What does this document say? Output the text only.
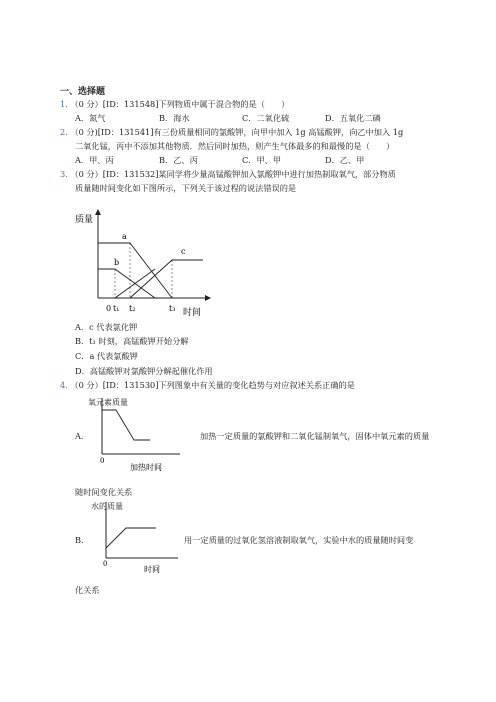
一、选择题
1. （0 分）[ID：131548]下列物质中属于混合物的是（　　）
A．氮气	B．海水	C．二氧化硫	D．五氧化二磷
2. （0 分)[ID：131541]有三份质量相同的氯酸钾，向甲中加入 1g 高锰酸钾，向乙中加入 1g
二氧化锰，丙中不添加其他物质．然后同时加热，则产生气体最多的和最慢的是（　　）
A．甲、丙	B．乙、丙	C．甲、甲	D．乙、甲
3. （0 分）[ID：131532]某同学将少量高锰酸钾加入氯酸钾中进行加热制取氧气，部分物质
质量随时间变化如下图所示，下列关于该过程的说法错误的是
质量
a
b
c
0 t₁ t₂	t₃ 时间
A．c 代表氯化钾
B．t₁ 时刻，高锰酸钾开始分解
C．a 代表氯酸钾
D．高锰酸钾对氯酸钾分解起催化作用
4. （0 分）[ID：131530]下列图象中有关量的变化趋势与对应叙述关系正确的是
A．
氧元素质量
0
加热时间
加热一定质量的氯酸钾和二氧化锰制氧气，固体中氧元素的质量
随时间变化关系
B．
水的质量
0
时间
用一定质量的过氧化氢溶液制取氧气，实验中水的质量随时间变
化关系
